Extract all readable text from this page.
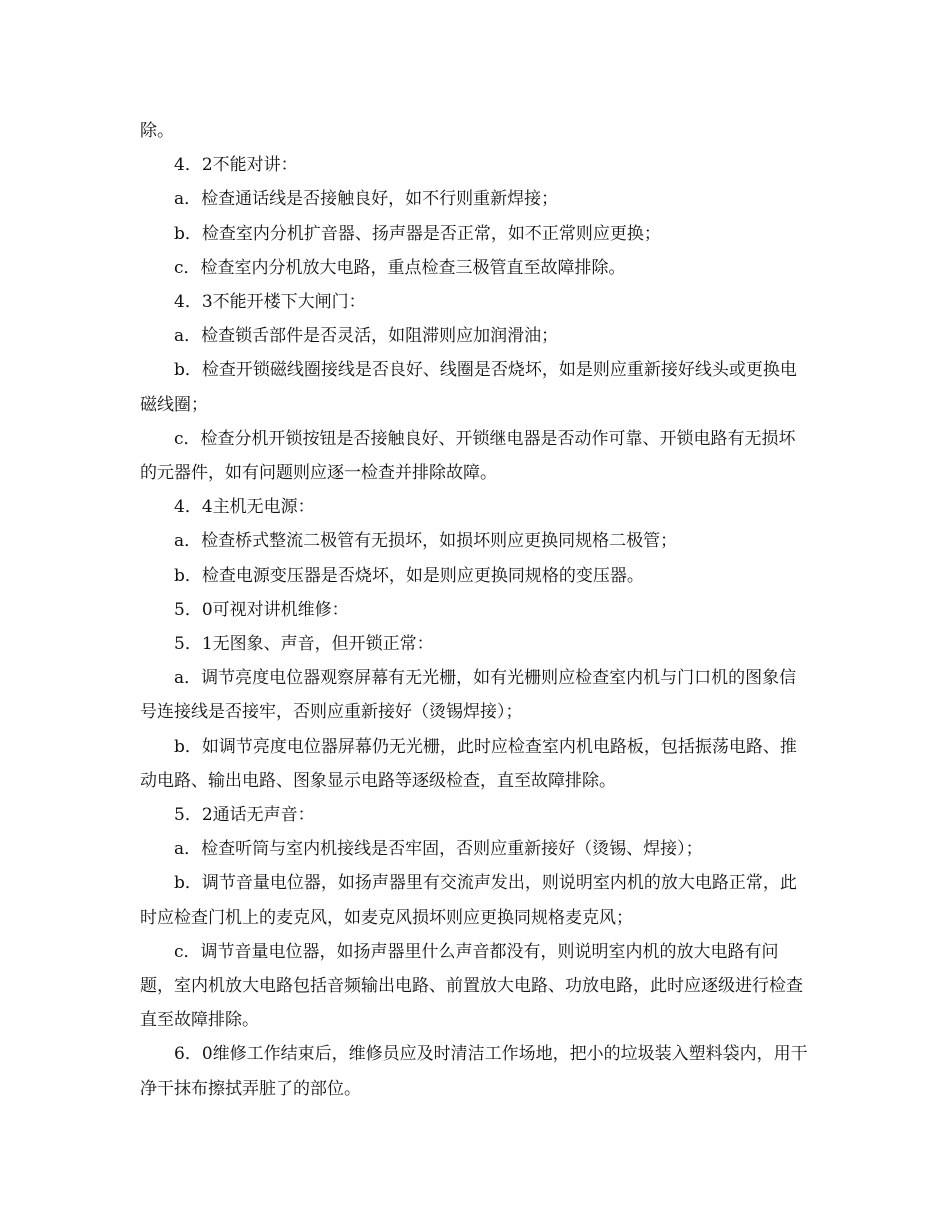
除。

4．2不能对讲：

a．检查通话线是否接触良好，如不行则重新焊接；

b．检查室内分机扩音器、扬声器是否正常，如不正常则应更换；

c．检查室内分机放大电路，重点检查三极管直至故障排除。

4．3不能开楼下大闸门：

a．检查锁舌部件是否灵活，如阻滞则应加润滑油；

b．检查开锁磁线圈接线是否良好、线圈是否烧坏，如是则应重新接好线头或更换电磁线圈；

c．检查分机开锁按钮是否接触良好、开锁继电器是否动作可靠、开锁电路有无损坏的元器件，如有问题则应逐一检查并排除故障。

4．4主机无电源：

a．检查桥式整流二极管有无损坏，如损坏则应更换同规格二极管；

b．检查电源变压器是否烧坏，如是则应更换同规格的变压器。

5．0可视对讲机维修：

5．1无图象、声音，但开锁正常：

a．调节亮度电位器观察屏幕有无光栅，如有光栅则应检查室内机与门口机的图象信号连接线是否接牢，否则应重新接好（烫锡焊接）；

b．如调节亮度电位器屏幕仍无光栅，此时应检查室内机电路板，包括振荡电路、推动电路、输出电路、图象显示电路等逐级检查，直至故障排除。

5．2通话无声音：

a．检查听筒与室内机接线是否牢固，否则应重新接好（烫锡、焊接）；

b．调节音量电位器，如扬声器里有交流声发出，则说明室内机的放大电路正常，此时应检查门机上的麦克风，如麦克风损坏则应更换同规格麦克风；

c．调节音量电位器，如扬声器里什么声音都没有，则说明室内机的放大电路有问题，室内机放大电路包括音频输出电路、前置放大电路、功放电路，此时应逐级进行检查直至故障排除。

6．0维修工作结束后，维修员应及时清洁工作场地，把小的垃圾装入塑料袋内，用干净干抹布擦拭弄脏了的部位。
